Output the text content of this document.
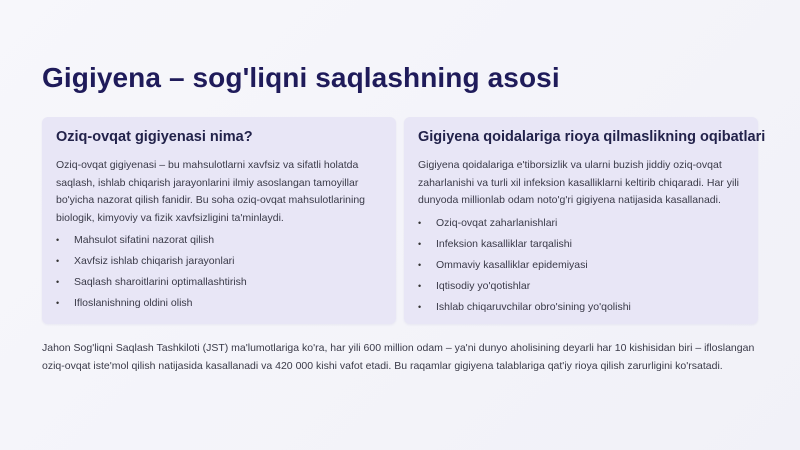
Gigiyena – sog'liqni saqlashning asosi
Oziq-ovqat gigiyenasi nima?

Oziq-ovqat gigiyenasi – bu mahsulotlarni xavfsiz va sifatli holatda saqlash, ishlab chiqarish jarayonlarini ilmiy asoslangan tamoyillar bo'yicha nazorat qilish fanidir. Bu soha oziq-ovqat mahsulotlarining biologik, kimyoviy va fizik xavfsizligini ta'minlaydi.

• Mahsulot sifatini nazorat qilish
• Xavfsiz ishlab chiqarish jarayonlari
• Saqlash sharoitlarini optimallashtirish
• Ifloslanishning oldini olish
Gigiyena qoidalariga rioya qilmaslikning oqibatlari

Gigiyena qoidalariga e'tiborsizlik va ularni buzish jiddiy oziq-ovqat zaharlanishi va turli xil infeksion kasalliklarni keltirib chiqaradi. Har yili dunyoda millionlab odam noto'g'ri gigiyena natijasida kasallanadi.

• Oziq-ovqat zaharlanishlari
• Infeksion kasalliklar tarqalishi
• Ommaviy kasalliklar epidemiyasi
• Iqtisodiy yo'qotishlar
• Ishlab chiqaruvchilar obro'sining yo'qolishi

Jahon Sog'liqni Saqlash Tashkiloti (JST) ma'lumotlariga ko'ra, har yili 600 million odam – ya'ni dunyo aholisining deyarli har 10 kishisidan biri – ifloslangan oziq-ovqat iste'mol qilish natijasida kasallanadi va 420 000 kishi vafot etadi. Bu raqamlar gigiyena talablariga qat'iy rioya qilish zarurligini ko'rsatadi.
